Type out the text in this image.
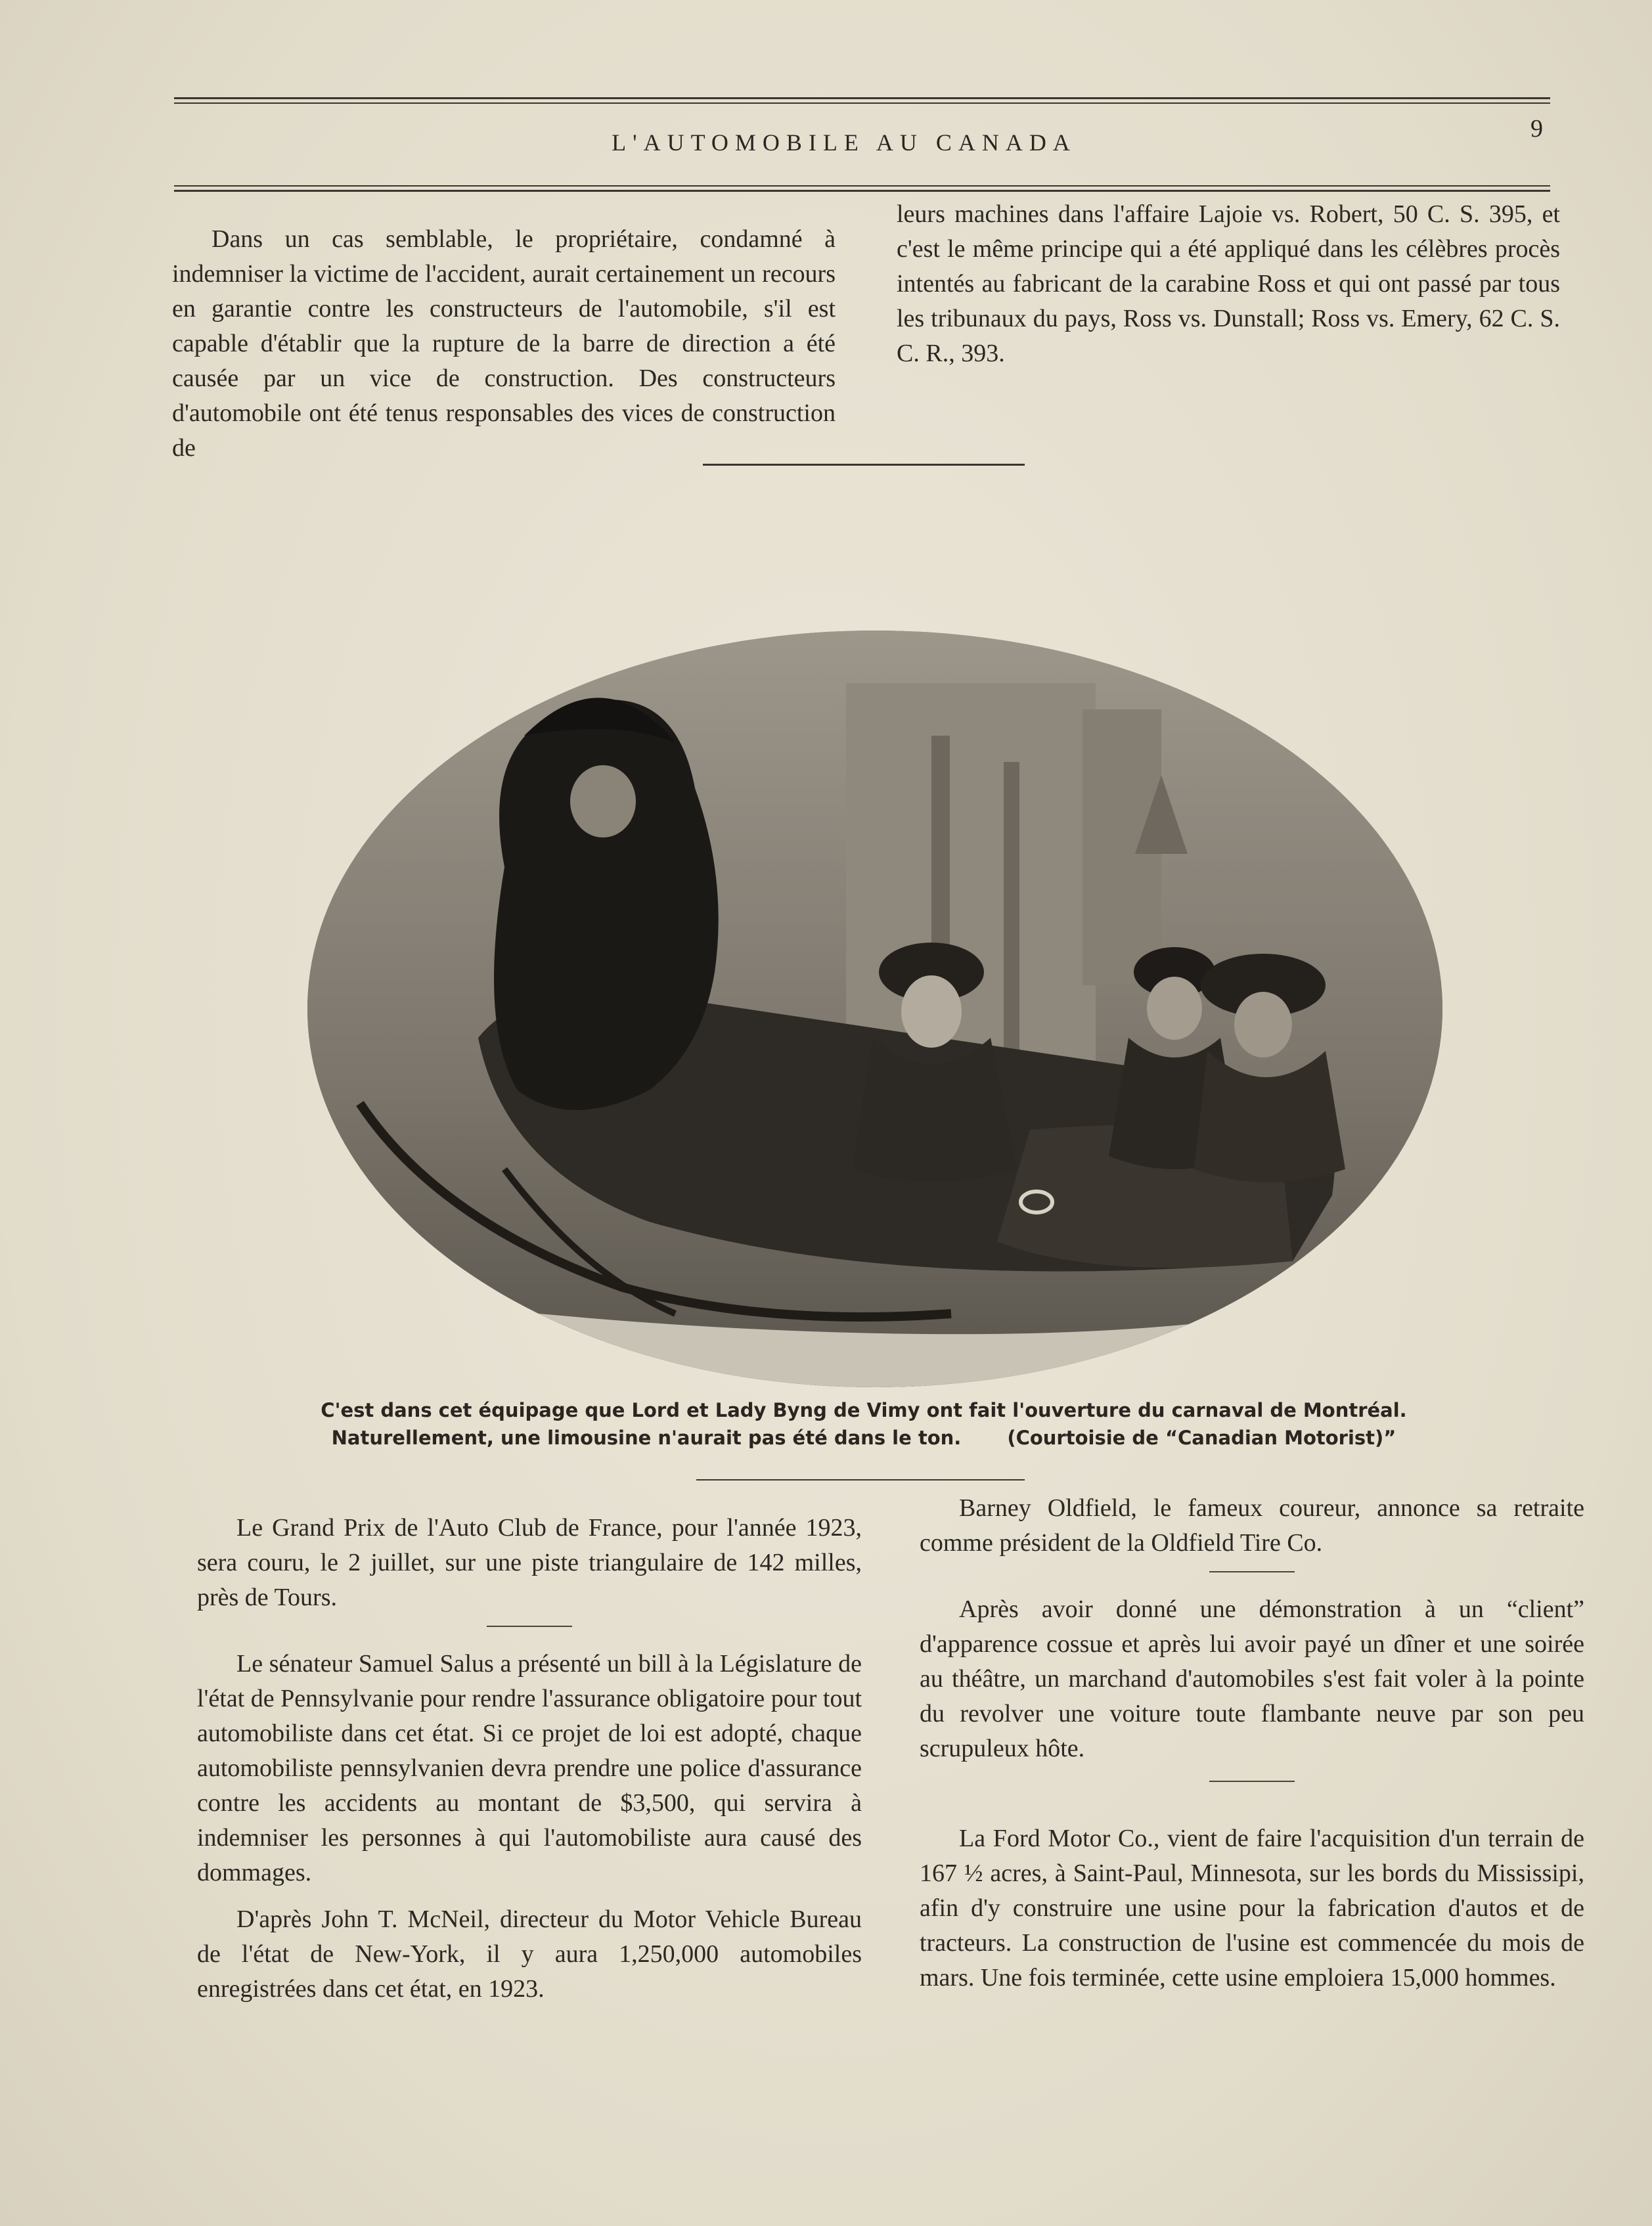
L'AUTOMOBILE AU CANADA	9

Dans un cas semblable, le propriétaire, condamné à indemniser la victime de l'accident, aurait certainement un recours en garantie contre les constructeurs de l'automobile, s'il est capable d'établir que la rupture de la barre de direction a été causée par un vice de construction. Des constructeurs d'automobile ont été tenus responsables des vices de construction de

leurs machines dans l'affaire Lajoie vs. Robert, 50 C. S. 395, et c'est le même principe qui a été appliqué dans les célèbres procès intentés au fabricant de la carabine Ross et qui ont passé par tous les tribunaux du pays, Ross vs. Dunstall; Ross vs. Emery, 62 C. S. C. R., 393.

C'est dans cet équipage que Lord et Lady Byng de Vimy ont fait l'ouverture du carnaval de Montréal.
Naturellement, une limousine n'aurait pas été dans le ton. (Courtoisie de “Canadian Motorist)”

Le Grand Prix de l'Auto Club de France, pour l'année 1923, sera couru, le 2 juillet, sur une piste triangulaire de 142 milles, près de Tours.

Le sénateur Samuel Salus a présenté un bill à la Législature de l'état de Pennsylvanie pour rendre l'assurance obligatoire pour tout automobiliste dans cet état. Si ce projet de loi est adopté, chaque automobiliste pennsylvanien devra prendre une police d'assurance contre les accidents au montant de $3,500, qui servira à indemniser les personnes à qui l'automobiliste aura causé des dommages.

D'après John T. McNeil, directeur du Motor Vehicle Bureau de l'état de New-York, il y aura 1,250,000 automobiles enregistrées dans cet état, en 1923.

Barney Oldfield, le fameux coureur, annonce sa retraite comme président de la Oldfield Tire Co.

Après avoir donné une démonstration à un “client” d'apparence cossue et après lui avoir payé un dîner et une soirée au théâtre, un marchand d'automobiles s'est fait voler à la pointe du revolver une voiture toute flambante neuve par son peu scrupuleux hôte.

La Ford Motor Co., vient de faire l'acquisition d'un terrain de 167 ½ acres, à Saint-Paul, Minnesota, sur les bords du Mississipi, afin d'y construire une usine pour la fabrication d'autos et de tracteurs. La construction de l'usine est commencée du mois de mars. Une fois terminée, cette usine emploiera 15,000 hommes.
